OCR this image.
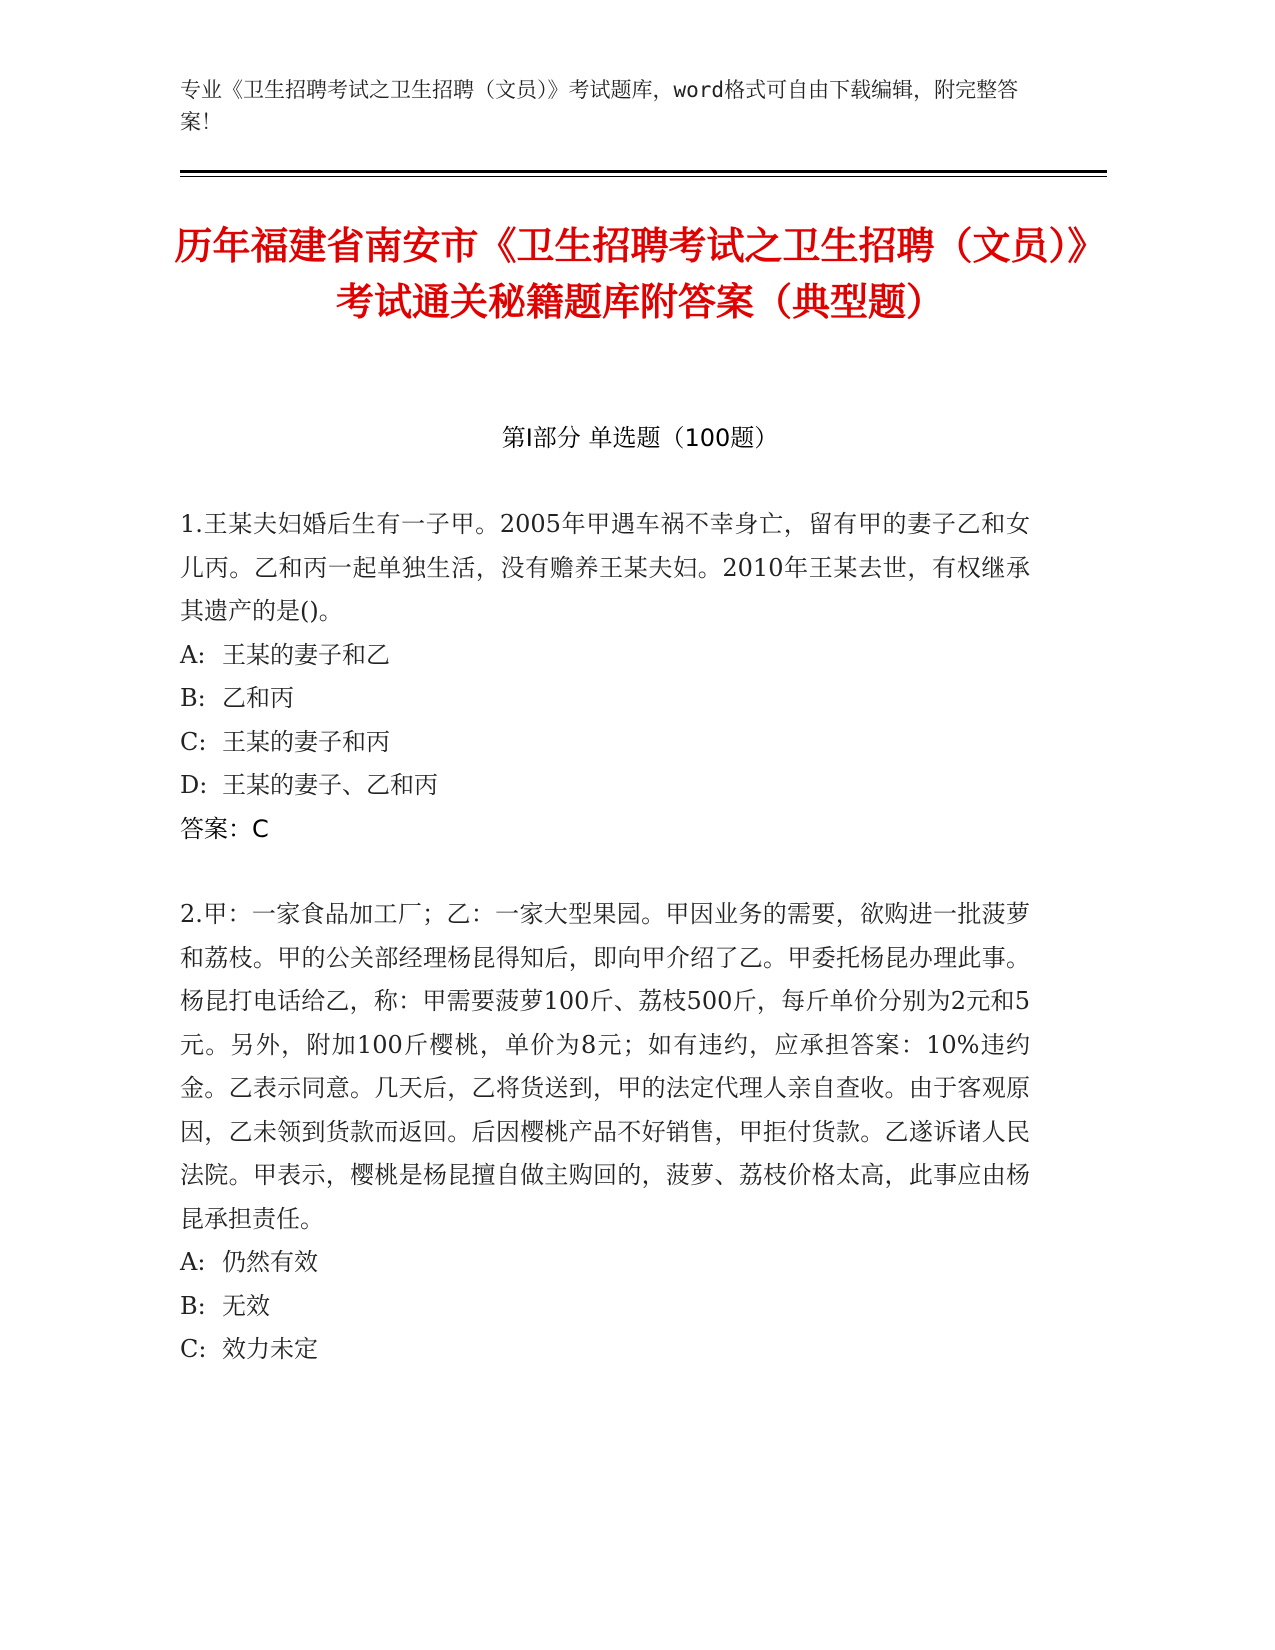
专业《卫生招聘考试之卫生招聘（文员）》考试题库，word格式可自由下载编辑，附完整答案！
历年福建省南安市《卫生招聘考试之卫生招聘（文员）》考试通关秘籍题库附答案（典型题）
第Ⅰ部分 单选题（100题）

1.王某夫妇婚后生有一子甲。2005年甲遇车祸不幸身亡，留有甲的妻子乙和女儿丙。乙和丙一起单独生活，没有赡养王某夫妇。2010年王某去世，有权继承其遗产的是()。

A: 王某的妻子和乙

B: 乙和丙

C: 王某的妻子和丙

D: 王某的妻子、乙和丙

答案：C

2.甲：一家食品加工厂；乙：一家大型果园。甲因业务的需要，欲购进一批菠萝和荔枝。甲的公关部经理杨昆得知后，即向甲介绍了乙。甲委托杨昆办理此事。杨昆打电话给乙，称：甲需要菠萝100斤、荔枝500斤，每斤单价分别为2元和5元。另外，附加100斤樱桃，单价为8元；如有违约，应承担答案：10%违约金。乙表示同意。几天后，乙将货送到，甲的法定代理人亲自查收。由于客观原因，乙未领到货款而返回。后因樱桃产品不好销售，甲拒付货款。乙遂诉诸人民法院。甲表示，樱桃是杨昆擅自做主购回的，菠萝、荔枝价格太高，此事应由杨昆承担责任。

A: 仍然有效

B: 无效

C: 效力未定
